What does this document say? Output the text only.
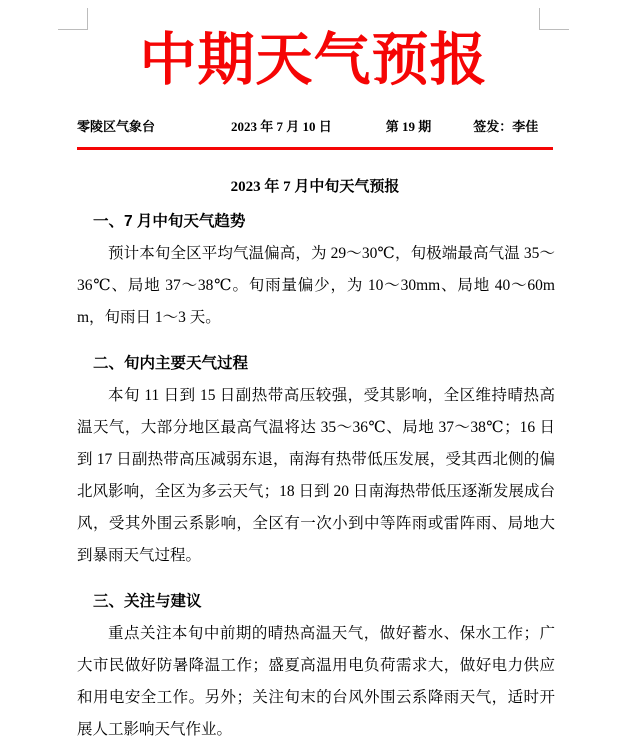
中期天气预报
零陵区气象台	2023 年 7 月 10 日	第 19 期	签发：李佳
2023 年 7 月中旬天气预报
一、7 月中旬天气趋势

预计本旬全区平均气温偏高，为 29～30℃，旬极端最高气温 35～36℃、局地 37～38℃。旬雨量偏少，为 10～30mm、局地 40～60mm，旬雨日 1～3 天。

二、旬内主要天气过程

本旬 11 日到 15 日副热带高压较强，受其影响，全区维持晴热高温天气，大部分地区最高气温将达 35～36℃、局地 37～38℃；16 日到 17 日副热带高压减弱东退，南海有热带低压发展，受其西北侧的偏北风影响，全区为多云天气；18 日到 20 日南海热带低压逐渐发展成台风，受其外围云系影响，全区有一次小到中等阵雨或雷阵雨、局地大到暴雨天气过程。

三、关注与建议

重点关注本旬中前期的晴热高温天气，做好蓄水、保水工作；广大市民做好防暑降温工作；盛夏高温用电负荷需求大，做好电力供应和用电安全工作。另外；关注旬末的台风外围云系降雨天气，适时开展人工影响天气作业。
